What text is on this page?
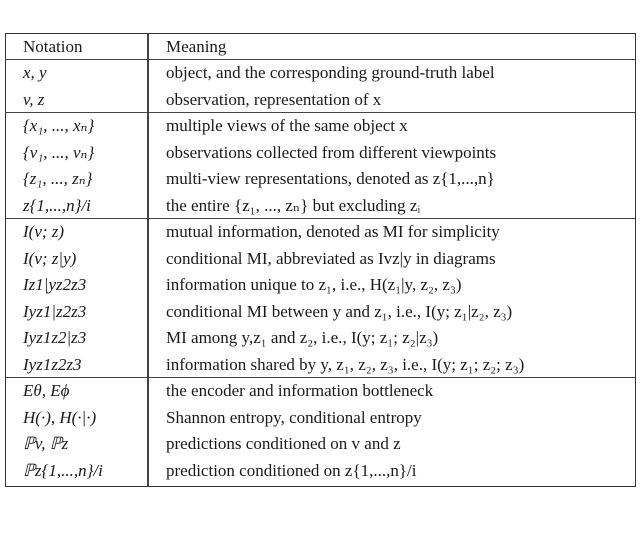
Notation	Meaning
x, y	object, and the corresponding ground-truth label
v, z	observation, representation of x
{x₁, ..., xₙ}	multiple views of the same object x
{v₁, ..., vₙ}	observations collected from different viewpoints
{z₁, ..., zₙ}	multi-view representations, denoted as z{1,...,n}
z{1,...,n}/i	the entire {z₁, ..., zₙ} but excluding zᵢ
I(v; z)	mutual information, denoted as MI for simplicity
I(v; z|y)	conditional MI, abbreviated as Ivz|y in diagrams
Iz1|yz2z3	information unique to z₁, i.e., H(z₁|y, z₂, z₃)
Iyz1|z2z3	conditional MI between y and z₁, i.e., I(y; z₁|z₂, z₃)
Iyz1z2|z3	MI among y,z₁ and z₂, i.e., I(y; z₁; z₂|z₃)
Iyz1z2z3	information shared by y, z₁, z₂, z₃, i.e., I(y; z₁; z₂; z₃)
Eθ, Eϕ	the encoder and information bottleneck
H(·), H(·|·)	Shannon entropy, conditional entropy
ℙv, ℙz	predictions conditioned on v and z
ℙz{1,...,n}/i	prediction conditioned on z{1,...,n}/i
